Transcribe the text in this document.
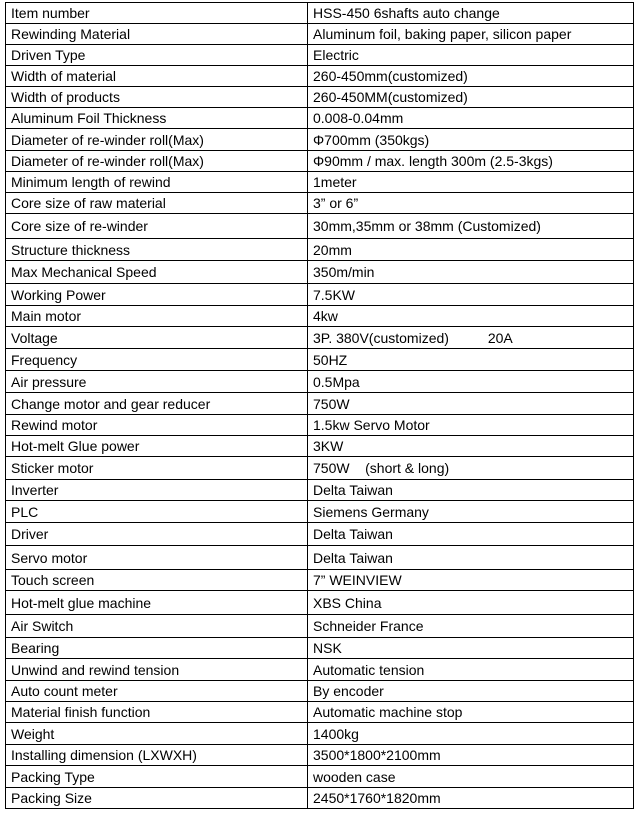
Item number	HSS-450 6shafts auto change
Rewinding Material	Aluminum foil, baking paper, silicon paper
Driven Type	Electric
Width of material	260-450mm(customized)
Width of products	260-450MM(customized)
Aluminum Foil Thickness	0.008-0.04mm
Diameter of re-winder roll(Max)	Φ700mm (350kgs)
Diameter of re-winder roll(Max)	Φ90mm / max. length 300m (2.5-3kgs)
Minimum length of rewind	1meter
Core size of raw material	3” or 6”
Core size of re-winder	30mm,35mm or 38mm (Customized)
Structure thickness	20mm
Max Mechanical Speed	350m/min
Working Power	7.5KW
Main motor	4kw
Voltage	3P. 380V(customized)          20A
Frequency	50HZ
Air pressure	0.5Mpa
Change motor and gear reducer	750W
Rewind motor	1.5kw Servo Motor
Hot-melt Glue power	3KW
Sticker motor	750W    (short & long)
Inverter	Delta Taiwan
PLC	Siemens Germany
Driver	Delta Taiwan
Servo motor	Delta Taiwan
Touch screen	7” WEINVIEW
Hot-melt glue machine	XBS China
Air Switch	Schneider France
Bearing	NSK
Unwind and rewind tension	Automatic tension
Auto count meter	By encoder
Material finish function	Automatic machine stop
Weight	1400kg
Installing dimension (LXWXH)	3500*1800*2100mm
Packing Type	wooden case
Packing Size	2450*1760*1820mm
